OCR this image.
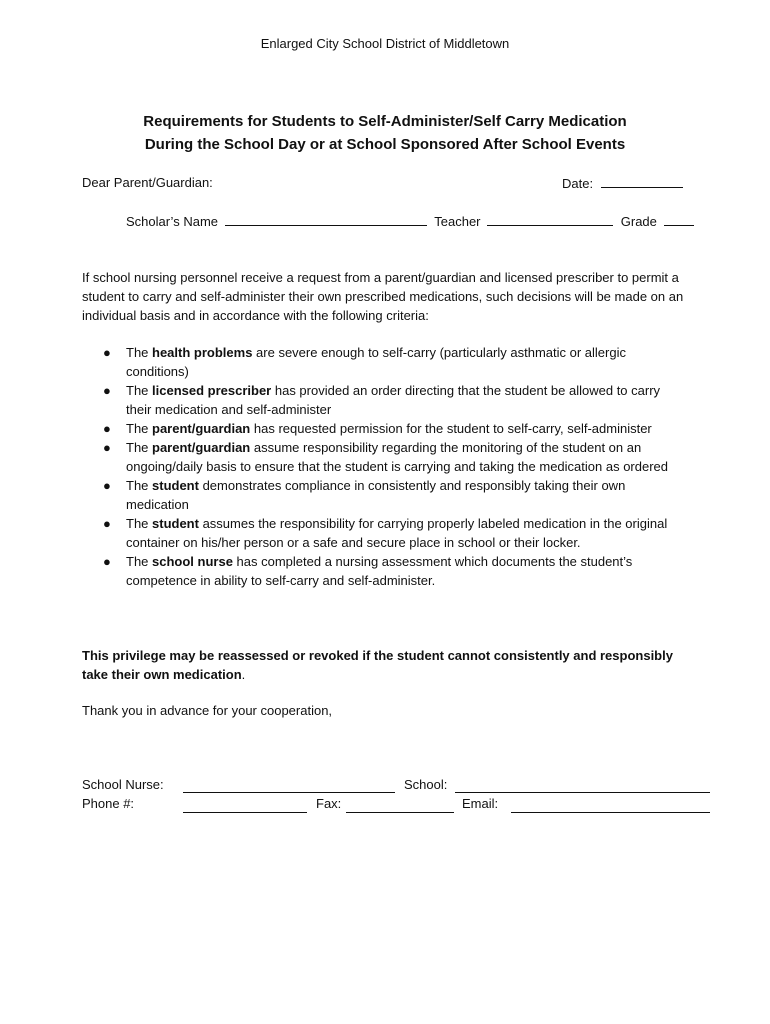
Enlarged City School District of Middletown
Requirements for Students to Self-Administer/Self Carry Medication
During the School Day or at School Sponsored After School Events
Dear Parent/Guardian:	Date:
Scholar’s Name	Teacher	Grade
If school nursing personnel receive a request from a parent/guardian and licensed prescriber to permit a student to carry and self-administer their own prescribed medications, such decisions will be made on an individual basis and in accordance with the following criteria:
● The health problems are severe enough to self-carry (particularly asthmatic or allergic conditions)
● The licensed prescriber has provided an order directing that the student be allowed to carry their medication and self-administer
● The parent/guardian has requested permission for the student to self-carry, self-administer
● The parent/guardian assume responsibility regarding the monitoring of the student on an ongoing/daily basis to ensure that the student is carrying and taking the medication as ordered
● The student demonstrates compliance in consistently and responsibly taking their own medication
● The student assumes the responsibility for carrying properly labeled medication in the original container on his/her person or a safe and secure place in school or their locker.
● The school nurse has completed a nursing assessment which documents the student’s competence in ability to self-carry and self-administer.
This privilege may be reassessed or revoked if the student cannot consistently and responsibly take their own medication.
Thank you in advance for your cooperation,
School Nurse:	School:
Phone #:	Fax:	Email:
